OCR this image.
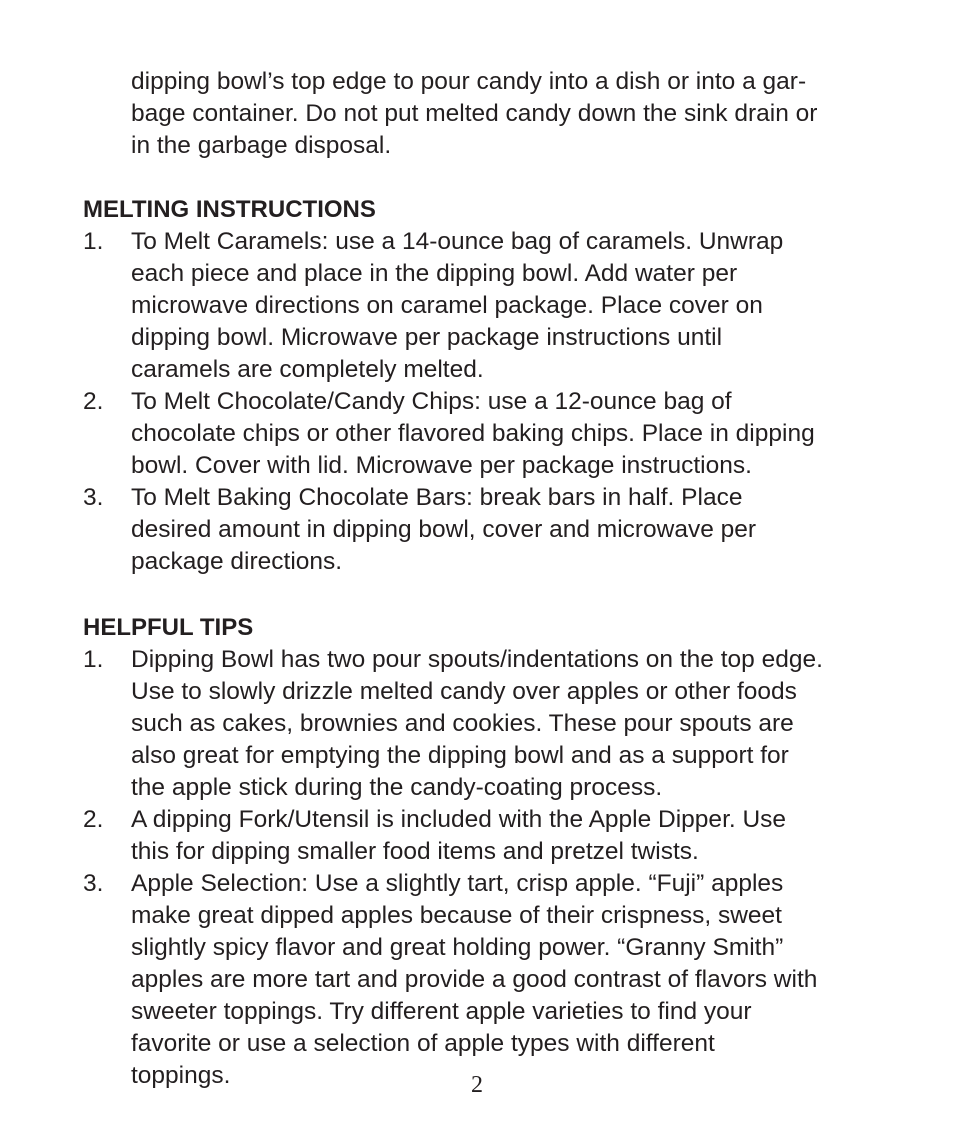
dipping bowl’s top edge to pour candy into a dish or into a gar-
bage container. Do not put melted candy down the sink drain or
in the garbage disposal.

MELTING INSTRUCTIONS
1. To Melt Caramels: use a 14-ounce bag of caramels. Unwrap
each piece and place in the dipping bowl. Add water per
microwave directions on caramel package. Place cover on
dipping bowl. Microwave per package instructions until
caramels are completely melted.
2. To Melt Chocolate/Candy Chips: use a 12-ounce bag of
chocolate chips or other flavored baking chips. Place in dipping
bowl. Cover with lid. Microwave per package instructions.
3. To Melt Baking Chocolate Bars: break bars in half. Place
desired amount in dipping bowl, cover and microwave per
package directions.
HELPFUL TIPS
1. Dipping Bowl has two pour spouts/indentations on the top edge.
Use to slowly drizzle melted candy over apples or other foods
such as cakes, brownies and cookies. These pour spouts are
also great for emptying the dipping bowl and as a support for
the apple stick during the candy-coating process.
2. A dipping Fork/Utensil is included with the Apple Dipper. Use
this for dipping smaller food items and pretzel twists.
3. Apple Selection: Use a slightly tart, crisp apple. “Fuji” apples
make great dipped apples because of their crispness, sweet
slightly spicy flavor and great holding power. “Granny Smith”
apples are more tart and provide a good contrast of flavors with
sweeter toppings. Try different apple varieties to find your
favorite or use a selection of apple types with different
toppings.	2
